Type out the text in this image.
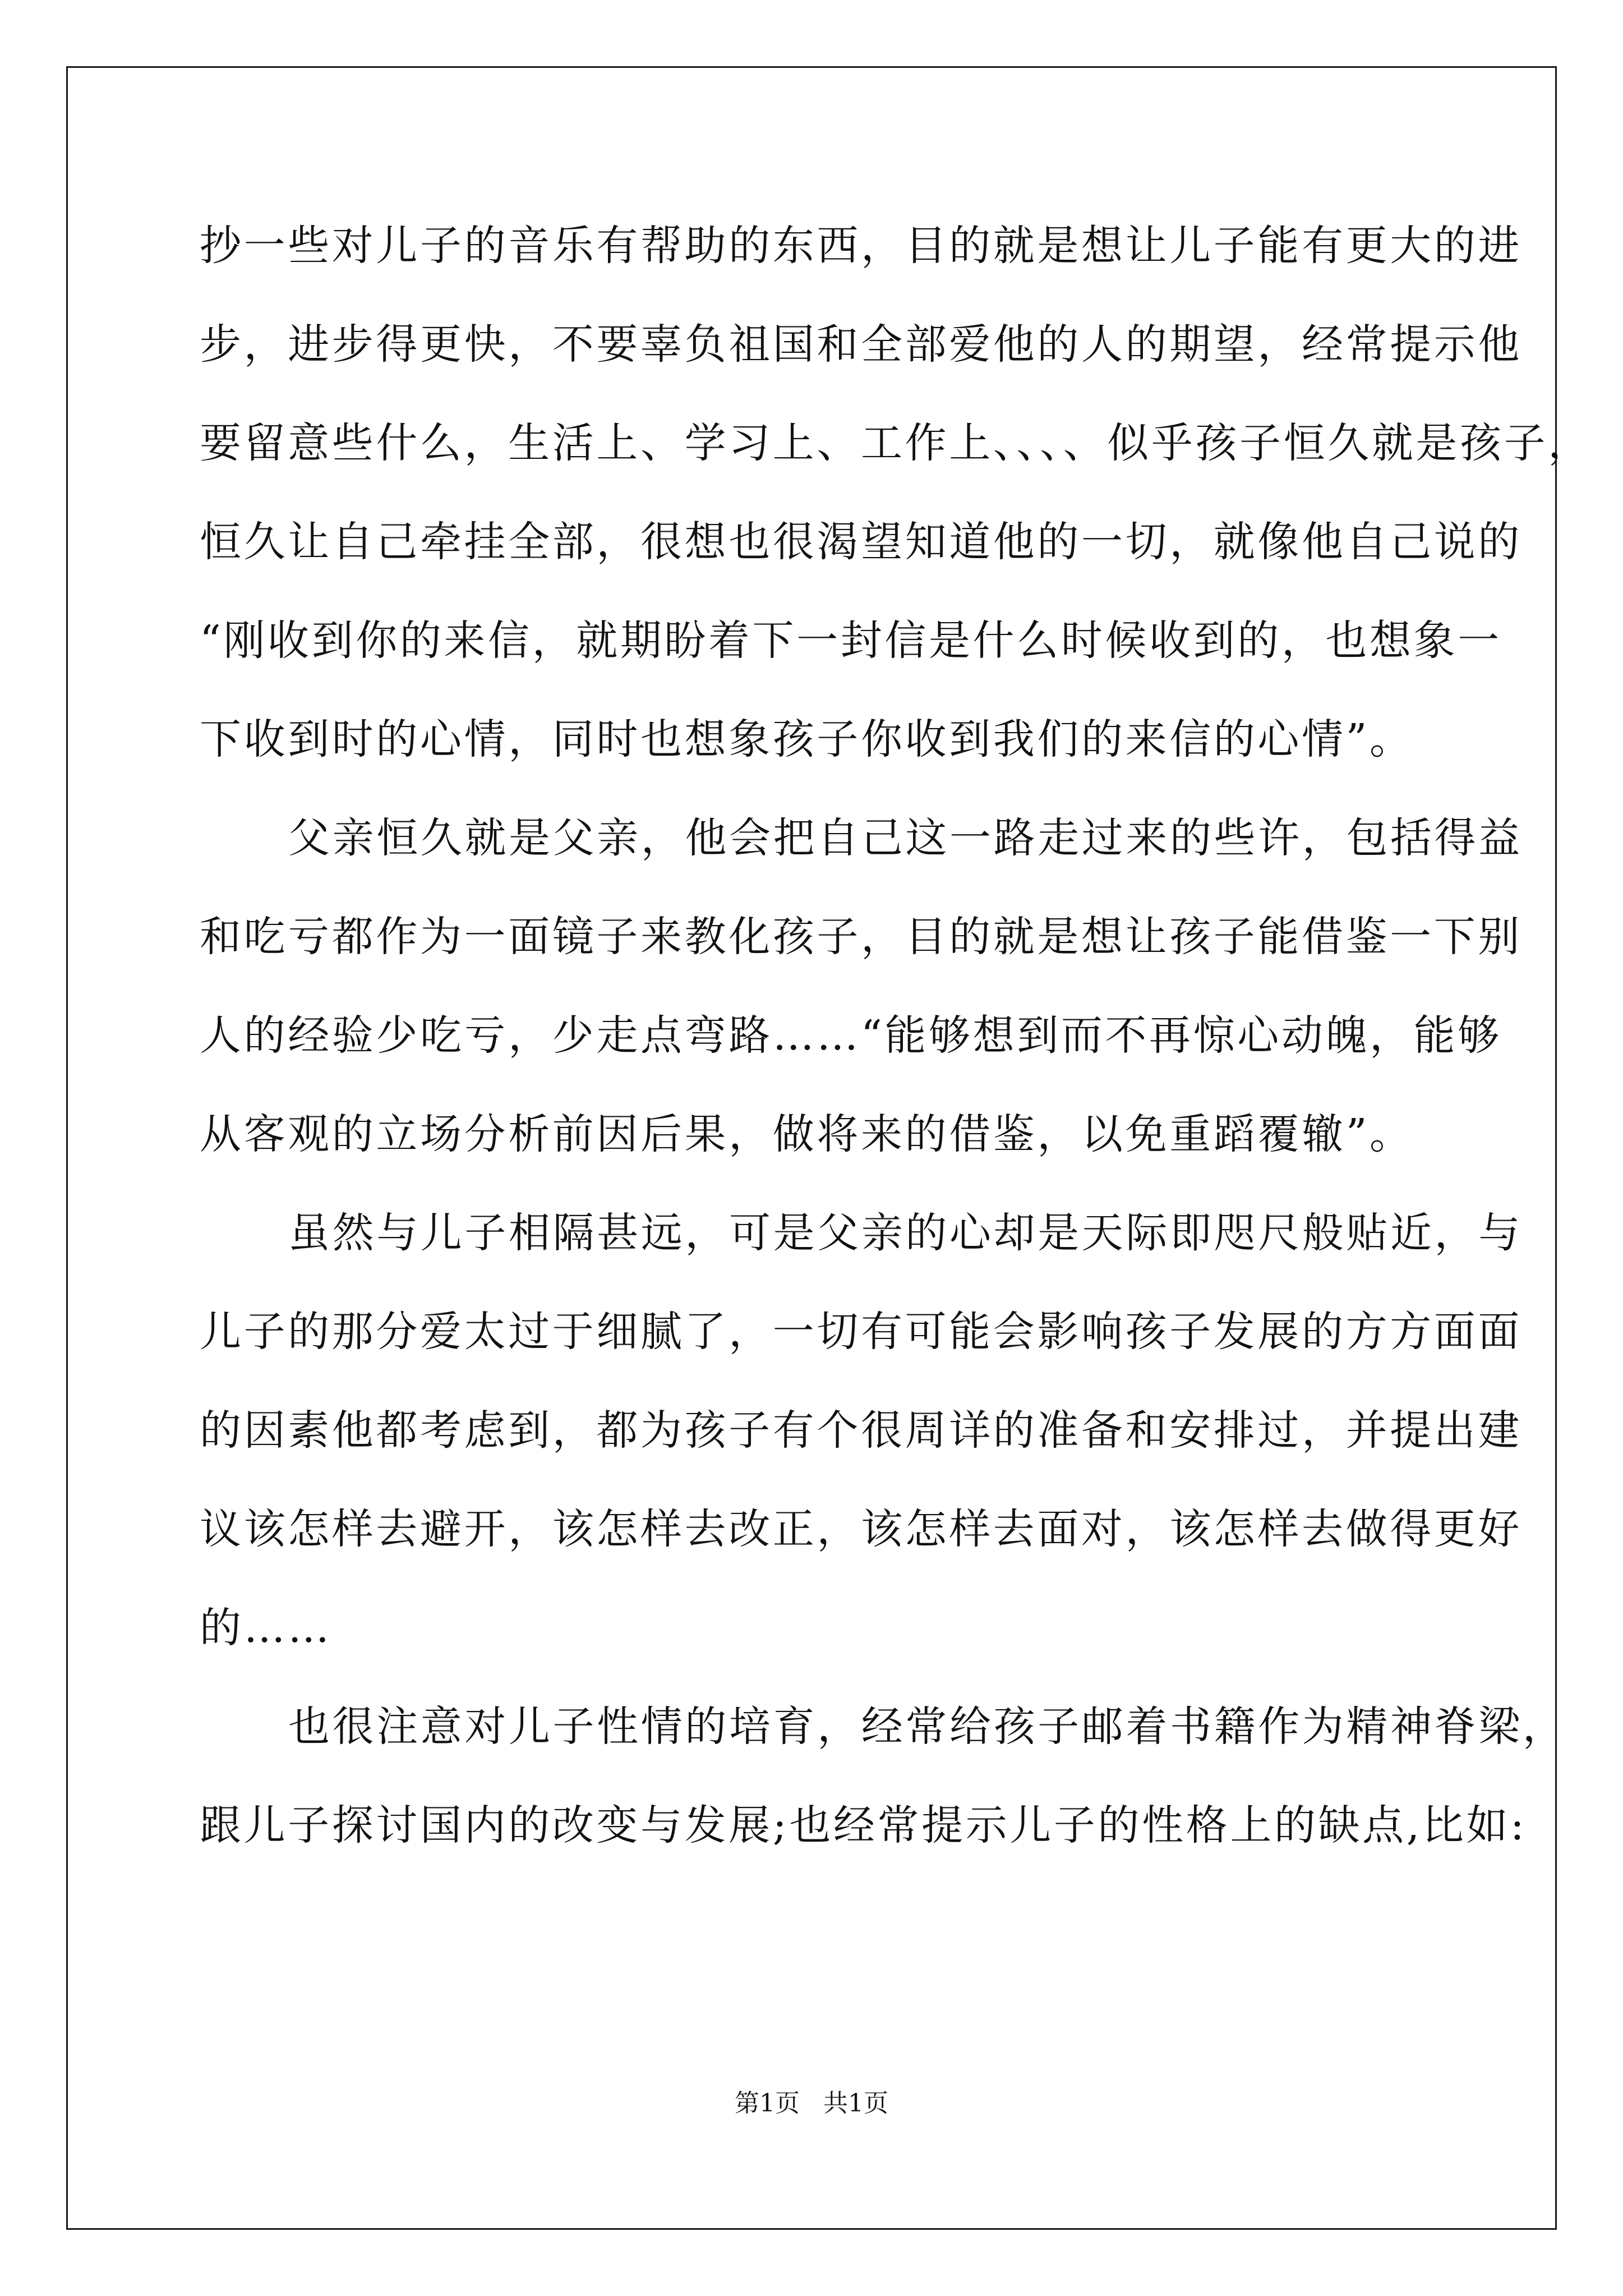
抄一些对儿子的音乐有帮助的东西，目的就是想让儿子能有更大的进
步，进步得更快，不要辜负祖国和全部爱他的人的期望，经常提示他
要留意些什么，生活上、学习上、工作上、、、、似乎孩子恒久就是孩子，
恒久让自己牵挂全部，很想也很渴望知道他的一切，就像他自己说的
“刚收到你的来信，就期盼着下一封信是什么时候收到的，也想象一
下收到时的心情，同时也想象孩子你收到我们的来信的心情”。
父亲恒久就是父亲，他会把自己这一路走过来的些许，包括得益
和吃亏都作为一面镜子来教化孩子，目的就是想让孩子能借鉴一下别
人的经验少吃亏，少走点弯路……“能够想到而不再惊心动魄，能够
从客观的立场分析前因后果，做将来的借鉴，以免重蹈覆辙”。
虽然与儿子相隔甚远，可是父亲的心却是天际即咫尺般贴近，与
儿子的那分爱太过于细腻了，一切有可能会影响孩子发展的方方面面
的因素他都考虑到，都为孩子有个很周详的准备和安排过，并提出建
议该怎样去避开，该怎样去改正，该怎样去面对，该怎样去做得更好
的……
也很注意对儿子性情的培育，经常给孩子邮着书籍作为精神脊梁，
跟儿子探讨国内的改变与发展;也经常提示儿子的性格上的缺点,比如:
第1页   共1页
